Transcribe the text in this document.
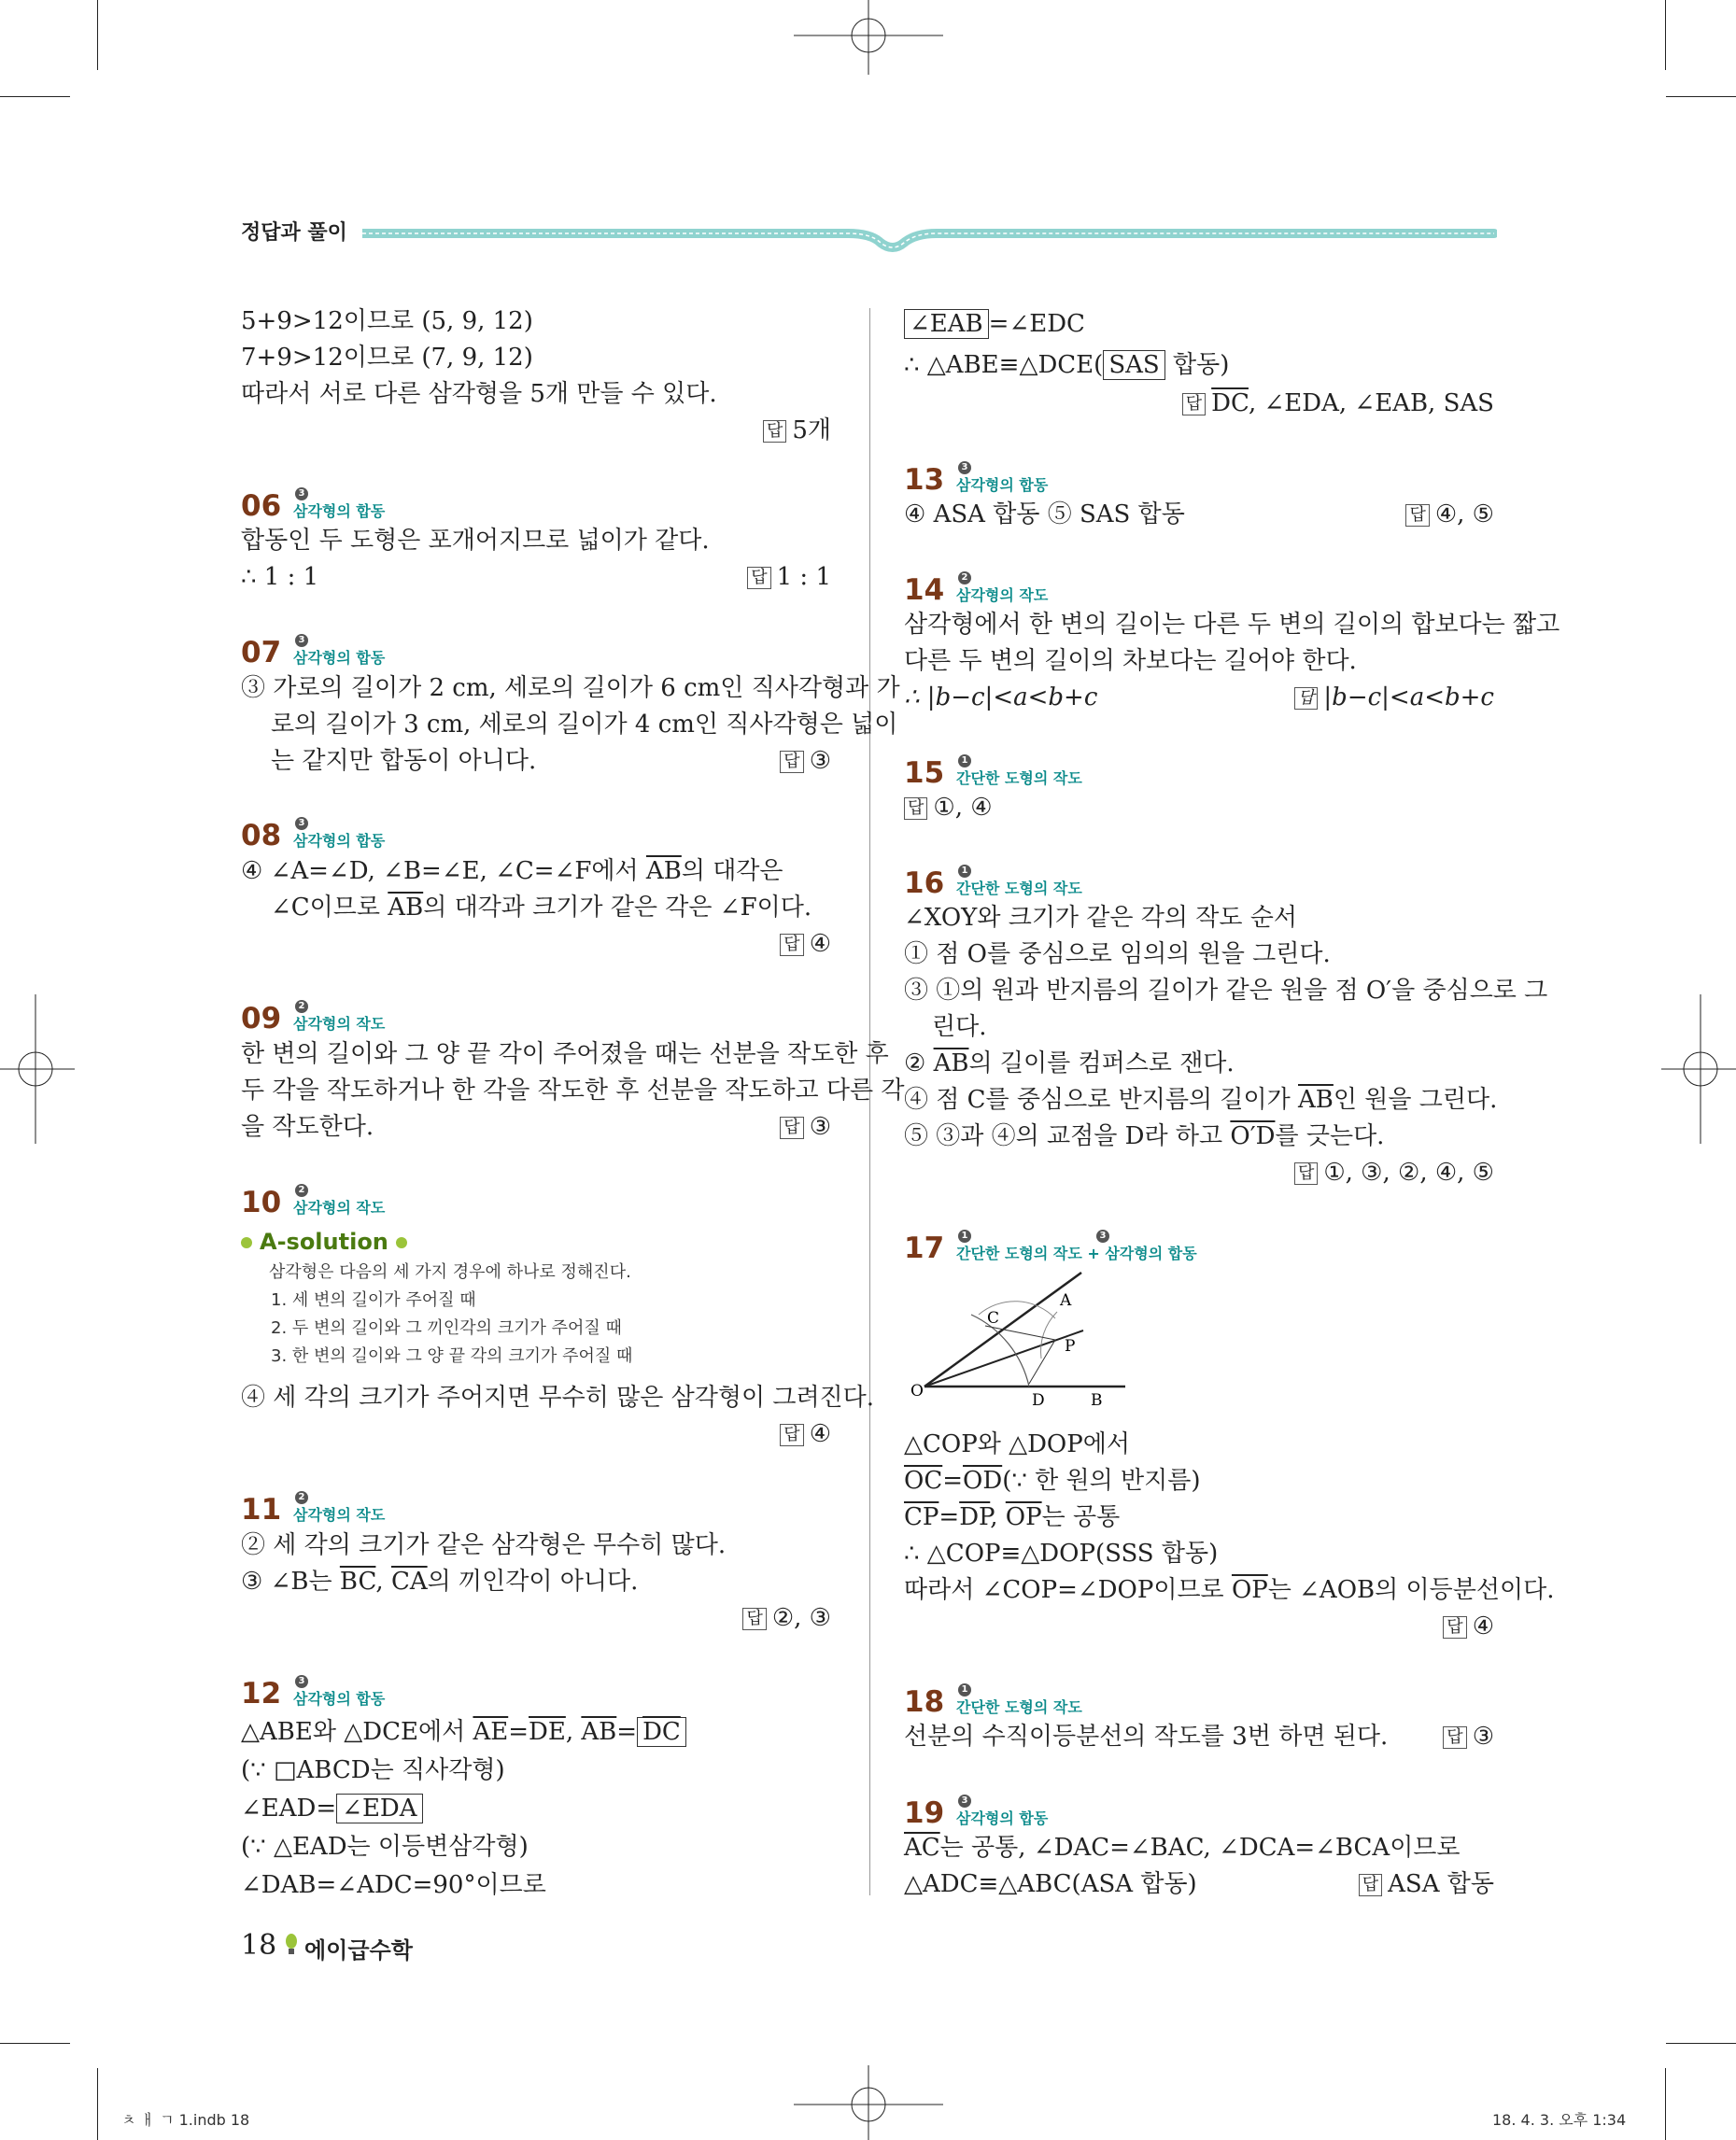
정답과 풀이
5+9>12이므로 (5, 9, 12)
7+9>12이므로 (7, 9, 12)
따라서 서로 다른 삼각형을 5개 만들 수 있다.
답 5개
06	3
삼각형의 합동
합동인 두 도형은 포개어지므로 넓이가 같다.
∴ 1 : 1	답 1 : 1
07	3
삼각형의 합동
③ 가로의 길이가 2 cm, 세로의 길이가 6 cm인 직사각형과 가
로의 길이가 3 cm, 세로의 길이가 4 cm인 직사각형은 넓이
는 같지만 합동이 아니다.	답 ③
08	3
삼각형의 합동
④ ∠A=∠D, ∠B=∠E, ∠C=∠F에서 $\overline{AB}$의 대각은
∠C이므로 $\overline{AB}$의 대각과 크기가 같은 각은 ∠F이다.
답 ④
09	2
삼각형의 작도
한 변의 길이와 그 양 끝 각이 주어졌을 때는 선분을 작도한 후
두 각을 작도하거나 한 각을 작도한 후 선분을 작도하고 다른 각
을 작도한다.	답 ③
10	2
삼각형의 작도
A-solution
삼각형은 다음의 세 가지 경우에 하나로 정해진다.
1. 세 변의 길이가 주어질 때
2. 두 변의 길이와 그 끼인각의 크기가 주어질 때
3. 한 변의 길이와 그 양 끝 각의 크기가 주어질 때
④ 세 각의 크기가 주어지면 무수히 많은 삼각형이 그려진다.
답 ④
11	2
삼각형의 작도
② 세 각의 크기가 같은 삼각형은 무수히 많다.
③ ∠B는 $\overline{BC}$, $\overline{CA}$의 끼인각이 아니다.
답 ②, ③
12	3
삼각형의 합동
△ABE와 △DCE에서 $\overline{AE}=\overline{DE}$, $\overline{AB}= \overline{DC}$
(∵ □ABCD는 직사각형)
∠EAD= ∠EDA
(∵ △EAD는 이등변삼각형)
∠DAB=∠ADC=90°이므로
18 에이급수학
∠EAB =∠EDC
∴ △ABE≡△DCE( SAS 합동)
답 $\overline{DC}$, ∠EDA, ∠EAB, SAS
13	3
삼각형의 합동
④ ASA 합동 ⑤ SAS 합동	답 ④, ⑤
14	2
삼각형의 작도
삼각형에서 한 변의 길이는 다른 두 변의 길이의 합보다는 짧고
다른 두 변의 길이의 차보다는 길어야 한다.
∴ |b−c|<a<b+c	답 |b−c|<a<b+c
15	1
간단한 도형의 작도
답 ①, ④
16	1
간단한 도형의 작도
∠XOY와 크기가 같은 각의 작도 순서
① 점 O를 중심으로 임의의 원을 그린다.
③ ①의 원과 반지름의 길이가 같은 원을 점 O′을 중심으로 그
린다.
② $\overline{AB}$의 길이를 컴퍼스로 잰다.
④ 점 C를 중심으로 반지름의 길이가 $\overline{AB}$인 원을 그린다.
⑤ ③과 ④의 교점을 D라 하고 O′D를 긋는다.
답 ①, ③, ②, ④, ⑤
17	1
간단한 도형의 작도 +
3
삼각형의 합동
O
A
B
C
D
P
△COP와 △DOP에서
$\overline{OC}=\overline{OD}(\because$ 한 원의 반지름)
$\overline{CP}=\overline{DP}$, $\overline{OP}$는 공통
∴ △COP≡△DOP(SSS 합동)
따라서 ∠COP=∠DOP이므로 $\overline{OP}$는 ∠AOB의 이등분선이다.
답 ④
18	1
간단한 도형의 작도
선분의 수직이등분선의 작도를 3번 하면 된다.	답 ③
19	3
삼각형의 합동
$\overline{AC}$는 공통, ∠DAC=∠BAC, ∠DCA=∠BCA이므로
△ADC≡△ABC(ASA 합동)	답 ASA 합동
ㅊ ㅐ ㄱ 1.indb 18	18. 4. 3. 오후 1:34
